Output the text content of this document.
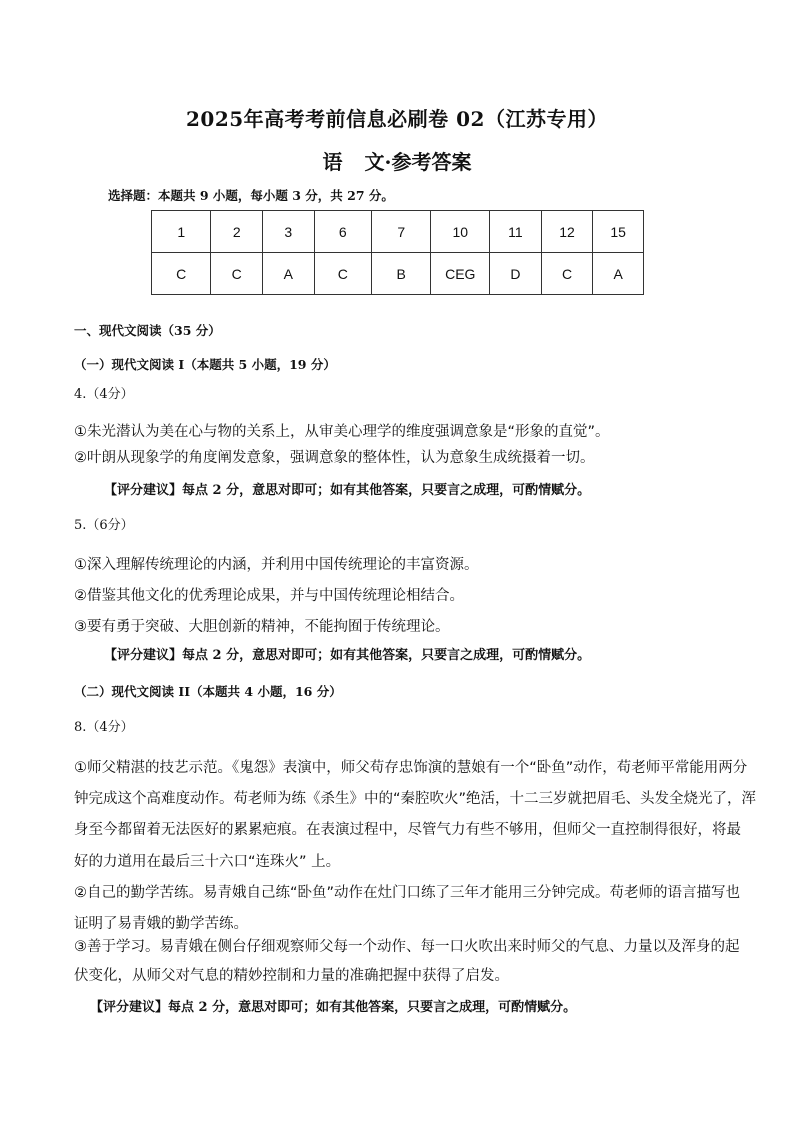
2025年高考考前信息必刷卷 02（江苏专用）
语 文·参考答案
选择题：本题共 9 小题，每小题 3 分，共 27 分。
1	2	3	6	7	10	11	12	15
C	C	A	C	B	CEG	D	C	A
一、现代文阅读（35 分）
（一）现代文阅读 I（本题共 5 小题，19 分）
4.（4分）
①朱光潜认为美在心与物的关系上，从审美心理学的维度强调意象是“形象的直觉”。
②叶朗从现象学的角度阐发意象，强调意象的整体性，认为意象生成统摄着一切。
【评分建议】每点 2 分，意思对即可；如有其他答案，只要言之成理，可酌情赋分。
5.（6分）
①深入理解传统理论的内涵，并利用中国传统理论的丰富资源。
②借鉴其他文化的优秀理论成果，并与中国传统理论相结合。
③要有勇于突破、大胆创新的精神，不能拘囿于传统理论。
【评分建议】每点 2 分，意思对即可；如有其他答案，只要言之成理，可酌情赋分。
（二）现代文阅读 II（本题共 4 小题，16 分）
8.（4分）
①师父精湛的技艺示范。《鬼怨》表演中，师父苟存忠饰演的慧娘有一个“卧鱼”动作，苟老师平常能用两分
钟完成这个高难度动作。苟老师为练《杀生》中的“秦腔吹火”绝活，十二三岁就把眉毛、头发全烧光了，浑
身至今都留着无法医好的累累疤痕。在表演过程中，尽管气力有些不够用，但师父一直控制得很好，将最
好的力道用在最后三十六口“连珠火” 上。
②自己的勤学苦练。易青娥自己练“卧鱼”动作在灶门口练了三年才能用三分钟完成。苟老师的语言描写也
证明了易青娥的勤学苦练。
③善于学习。易青娥在侧台仔细观察师父每一个动作、每一口火吹出来时师父的气息、力量以及浑身的起
伏变化，从师父对气息的精妙控制和力量的准确把握中获得了启发。
【评分建议】每点 2 分，意思对即可；如有其他答案，只要言之成理，可酌情赋分。
